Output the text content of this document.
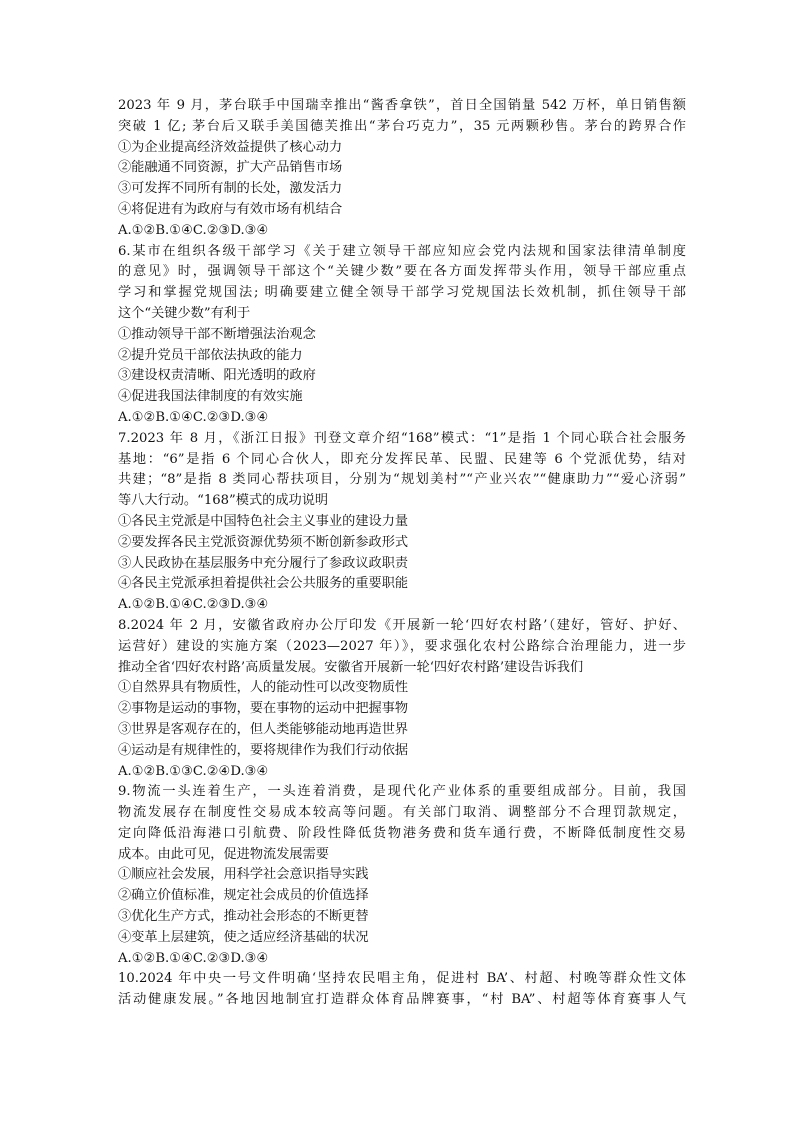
2023 年 9 月，茅台联手中国瑞幸推出“酱香拿铁”，首日全国销量 542 万杯，单日销售额
突破 1 亿; 茅台后又联手美国德芙推出“茅台巧克力”，35 元两颗秒售。茅台的跨界合作
①为企业提高经济效益提供了核心动力
②能融通不同资源，扩大产品销售市场
③可发挥不同所有制的长处，激发活力
④将促进有为政府与有效市场有机结合
A.①②B.①④C.②③D.③④
6.某市在组织各级干部学习《关于建立领导干部应知应会党内法规和国家法律清单制度
的意见》时，强调领导干部这个“关键少数”要在各方面发挥带头作用，领导干部应重点
学习和掌握党规国法; 明确要建立健全领导干部学习党规国法长效机制，抓住领导干部
这个“关键少数”有利于
①推动领导干部不断增强法治观念
②提升党员干部依法执政的能力
③建设权责清晰、阳光透明的政府
④促进我国法律制度的有效实施
A.①②B.①④C.②③D.③④
7.2023 年 8 月，《浙江日报》刊登文章介绍“168”模式：“1”是指 1 个同心联合社会服务
基地：“6”是指 6 个同心合伙人，即充分发挥民革、民盟、民建等 6 个党派优势，结对
共建；“8”是指 8 类同心帮扶项目，分别为“规划美村”“产业兴农”“健康助力”“爱心济弱”
等八大行动。“168”模式的成功说明
①各民主党派是中国特色社会主义事业的建设力量
②要发挥各民主党派资源优势须不断创新参政形式
③人民政协在基层服务中充分履行了参政议政职责
④各民主党派承担着提供社会公共服务的重要职能
A.①②B.①④C.②③D.③④
8.2024 年 2 月，安徽省政府办公厅印发《开展新一轮‘四好农村路’（建好，管好、护好、
运营好）建设的实施方案（2023—2027 年）》，要求强化农村公路综合治理能力，进一步
推动全省‘四好农村路’高质量发展。安徽省开展新一轮‘四好农村路’建设告诉我们
①自然界具有物质性，人的能动性可以改变物质性
②事物是运动的事物，要在事物的运动中把握事物
③世界是客观存在的，但人类能够能动地再造世界
④运动是有规律性的，要将规律作为我们行动依据
A.①②B.①③C.②④D.③④
9.物流一头连着生产，一头连着消费，是现代化产业体系的重要组成部分。目前，我国
物流发展存在制度性交易成本较高等问题。有关部门取消、调整部分不合理罚款规定，
定向降低沿海港口引航费、阶段性降低货物港务费和货车通行费，不断降低制度性交易
成本。由此可见，促进物流发展需要
①顺应社会发展，用科学社会意识指导实践
②确立价值标准，规定社会成员的价值选择
③优化生产方式，推动社会形态的不断更替
④变革上层建筑，使之适应经济基础的状况
A.①②B.①④C.②③D.③④
10.2024 年中央一号文件明确‘坚持农民唱主角，促进村 BA’、村超、村晚等群众性文体
活动健康发展。”各地因地制宜打造群众体育品牌赛事，“村 BA”、村超等体育赛事人气
